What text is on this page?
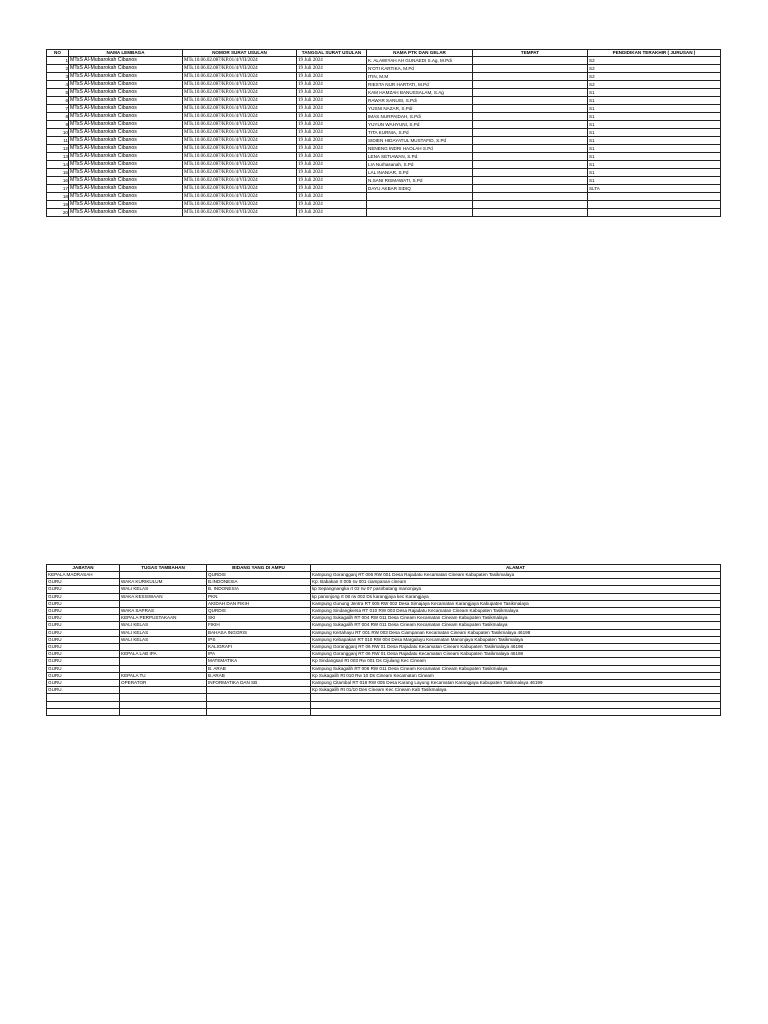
NO	NAMA LEMBAGA	NOMOR SURAT USULAN	TANGGAL SURAT USULAN	NAMA PTK DAN GELAR	TEMPAT	PENDIDIKAN TERAKHIR ( JURUSAN )
1	MTsS Al-Mubarokah Cibanos	MTs.10.06.02.087/KP.01/4/VII/2024	19 Juli 2024	K. ALAWIYAH AH GUNAEDI S.Ag, M.Pdi		S2
2	MTsS Al-Mubarokah Cibanos	MTs.10.06.02.087/KP.01/4/VII/2024	19 Juli 2024	N'OTI KARTIKA, M.Pd		S2
3	MTsS Al-Mubarokah Cibanos	MTs.10.06.02.087/KP.01/4/VII/2024	19 Juli 2024	ITIN, M.M		S2
4	MTsS Al-Mubarokah Cibanos	MTs.10.06.02.087/KP.01/4/VII/2024	19 Juli 2024	RIESTA NUR HARTATI, M.Pd		S2
5	MTsS Al-Mubarokah Cibanos	MTs.10.06.02.087/KP.01/4/VII/2024	19 Juli 2024	KAM HAMZAH BANUSSALAM, S.Ag		S1
6	MTsS Al-Mubarokah Cibanos	MTs.10.06.02.087/KP.01/4/VII/2024	19 Juli 2024	RAWAR SANUSI, S.Pdi		S1
7	MTsS Al-Mubarokah Cibanos	MTs.10.06.02.087/KP.01/4/VII/2024	19 Juli 2024	YUSNI NAZAR, S.Pdi		S1
8	MTsS Al-Mubarokah Cibanos	MTs.10.06.02.087/KP.01/4/VII/2024	19 Juli 2024	IMAS NURPAIDAH, S.Pdi		S1
9	MTsS Al-Mubarokah Cibanos	MTs.10.06.02.087/KP.01/4/VII/2024	19 Juli 2024	YUYUN WAHYUNI, S.Pd		S1
10	MTsS Al-Mubarokah Cibanos	MTs.10.06.02.087/KP.01/4/VII/2024	19 Juli 2024	TITA KURNIA, S.Pd		S1
11	MTsS Al-Mubarokah Cibanos	MTs.10.06.02.087/KP.01/4/VII/2024	19 Juli 2024	SIDIEN HIDAYATUL MUSTAFID, S.Pd		S1
12	MTsS Al-Mubarokah Cibanos	MTs.10.06.02.087/KP.01/4/VII/2024	19 Juli 2024	NENENG INDRI HAOLAH S.Pd		S1
13	MTsS Al-Mubarokah Cibanos	MTs.10.06.02.087/KP.01/4/VII/2024	19 Juli 2024	LENA SETIAWAN, S.Pd		S1
14	MTsS Al-Mubarokah Cibanos	MTs.10.06.02.087/KP.01/4/VII/2024	19 Juli 2024	LIA Nurhasanah, S.Pd		S1
15	MTsS Al-Mubarokah Cibanos	MTs.10.06.02.087/KP.01/4/VII/2024	19 Juli 2024	LAL INANIAR, S.Pd		S1
16	MTsS Al-Mubarokah Cibanos	MTs.10.06.02.087/KP.01/4/VII/2024	19 Juli 2024	N.SANI RISMAWATI, S.Pd		S1
17	MTsS Al-Mubarokah Cibanos	MTs.10.06.02.087/KP.01/4/VII/2024	19 Juli 2024	DAYU AKBAR SIDIQ		SLTA
18	MTsS Al-Mubarokah Cibanos	MTs.10.06.02.087/KP.01/4/VII/2024	19 Juli 2024			
19	MTsS Al-Mubarokah Cibanos	MTs.10.06.02.087/KP.01/4/VII/2024	19 Juli 2024			
20	MTsS Al-Mubarokah Cibanos	MTs.10.06.02.087/KP.01/4/VII/2024	19 Juli 2024			
JABATAN	TUGAS TAMBAHAN	BIDANG YANG DI AMPU	ALAMAT
KEPALA MADRASAH		QURDIS	Kampung Gorangganj RT 006 RW 001 Desa Rajadatu Kecamatan Cineam Kabupaten Tasikmalaya
GURU	WAKA KURIKULUM	B.INDONESIA	Kp. Babakan rt 005 rw 001 ciampanan cineam
GURU	WALI KELAS	B. INDONESIA	kp Sepangnangka rt 02 rw 07 pasirbatang manonjaya
GURU	WAKA KESISWAAN	PKN	kp panonjong rt 08 rw 002 Ds karangjaya kec Karangjaya
GURU		AKIDAH DAN FIKIH	Kampung Gunung Jentra RT 005 RW 002 Desa Sirnajaya Kecamatan Karangjaya Kabupaten Tasikmalaya
GURU	WAKA SAPRAS	QURDIS	Kampung Sindangkersa RT 010 RW 003 Desa Rajadatu Kecamatan Cineam Kabupaten Tasikmalaya
GURU	KEPALA PERPUSTAKAAN	SKI	Kampung Sukagalih RT 004 RW 011 Desa Cineam Kecamatan Cineam Kabupaten Tasikmalaya
GURU	WALI KELAS	FIKIH	Kampung Sukagalih RT 004 RW 011 Desa Cineam Kecamatan Cineam Kabupaten Tasikmalaya
GURU	WALI KELAS	BAHASA INGGRIS	Kampung Kertahayu RT 001 RW 003 Desa Ciampanan Kecamatan Cineam Kabupaten Tasikmalaya 46198
GURU	WALI KELAS	IPS	Kampung Kebapakan RT 010 RW 004 Desa Margaluyu Kecamatan Manonjaya Kabupaten Tasikmalaya
GURU		KALIGRAFI	Kampung Gorangganj RT 06 RW 01 Desa Rajadatu Kecamatan Cineam Kabupaten Tasikmalaya 46198
GURU	KEPALA LAB IPA	IPA	Kampung Gorangganj RT 06 RW 01 Desa Rajadatu Kecamatan Cineam Kabupaten Tasikmalaya 46198
GURU		MATEMATIKA	Kp Sindangsari Rt 003 Rw 001 Ds Cijulang Kec Cineam
GURU		B. ARAB	Kampung Sukagalih RT 006 RW 011 Desa Cineam Kecamatan Cineam Kabupaten Tasikmalaya
GURU	KEPALA TU	B.ARAB	Kp Sukagalih Rt 010 Rw 10 Ds Cineam Kecamatan Cineam
GURU	OPERATOR	INFORMATIKA DAN SB	Kampung Citambal RT 019 RW 005 Desa Karang Layung Kecamatan Karangjaya Kabupaten Tasikmalaya 46199
GURU			Kp Sukagalih Rt 01/10 Des Cineam Kec Cineam Kab Tasikmalaya
